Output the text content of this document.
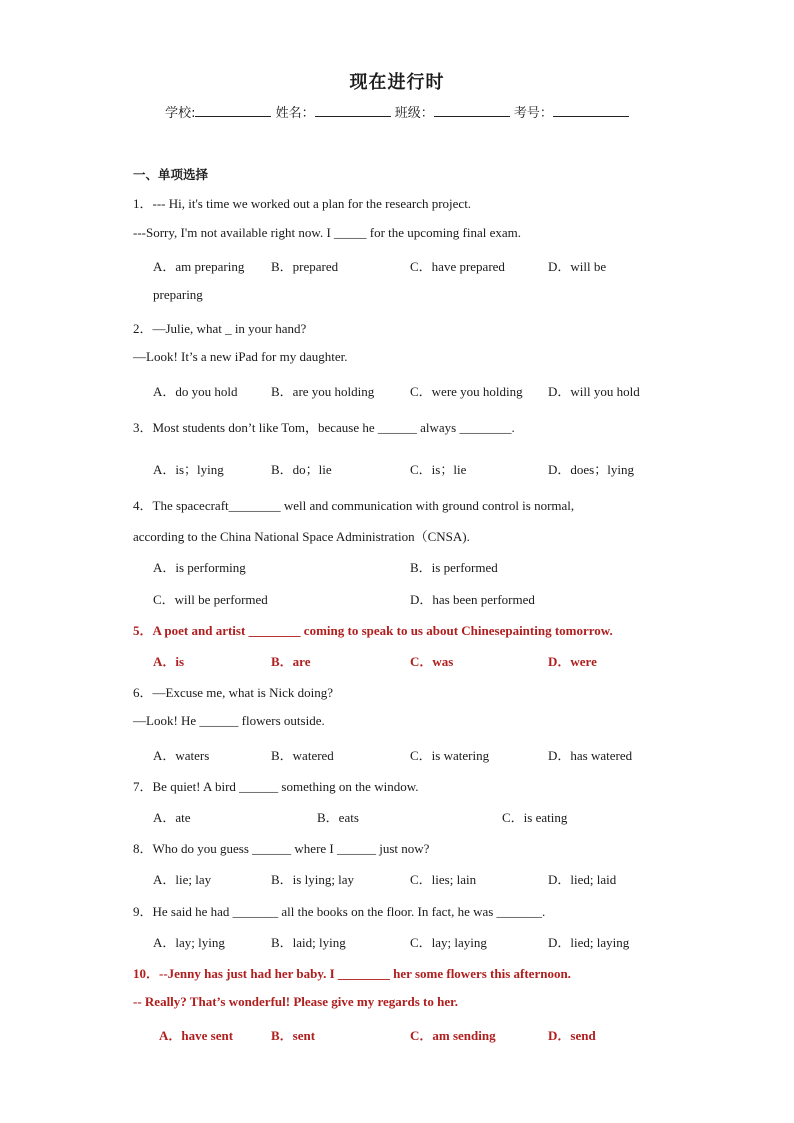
现在进行时
学校:	姓名：	班级：	考号：
一、单项选择
1．--- Hi, it's time we worked out a plan for the research project.
---Sorry, I'm not available right now. I _____ for the upcoming final exam.
A．am preparing B．prepared	C．have prepared	D．will be
preparing
2．—Julie, what _ in your hand?
—Look! It’s a new iPad for my daughter.
A．do you hold	B．are you holding	C．were you holding D．will you hold
3．Most students don’t like Tom，because he ______ always ________.
A．is；lying	B．do；lie	C．is；lie	D．does；lying
4．The spacecraft________ well and communication with ground control is normal,
according to the China National Space Administration（CNSA).
A．is performing	B．is performed
C．will be performed	D．has been performed
5．A poet and artist ________ coming to speak to us about Chinesepainting tomorrow.
A．is	B．are	C．was	D．were
6．—Excuse me, what is Nick doing?
—Look! He ______ flowers outside.
A．waters	B．watered	C．is watering	D．has watered
7．Be quiet! A bird ______ something on the window.
A．ate	B．eats	C．is eating
8．Who do you guess ______ where I ______ just now?
A．lie; lay	B．is lying; lay	C．lies; lain	D．lied; laid
9．He said he had _______ all the books on the floor. In fact, he was _______.
A．lay; lying	B．laid; lying	C．lay; laying	D．lied; laying
10．--Jenny has just had her baby. I ________ her some flowers this afternoon.
-- Really? That’s wonderful! Please give my regards to her.
A．have sent	B．sent	C．am sending	D．send
